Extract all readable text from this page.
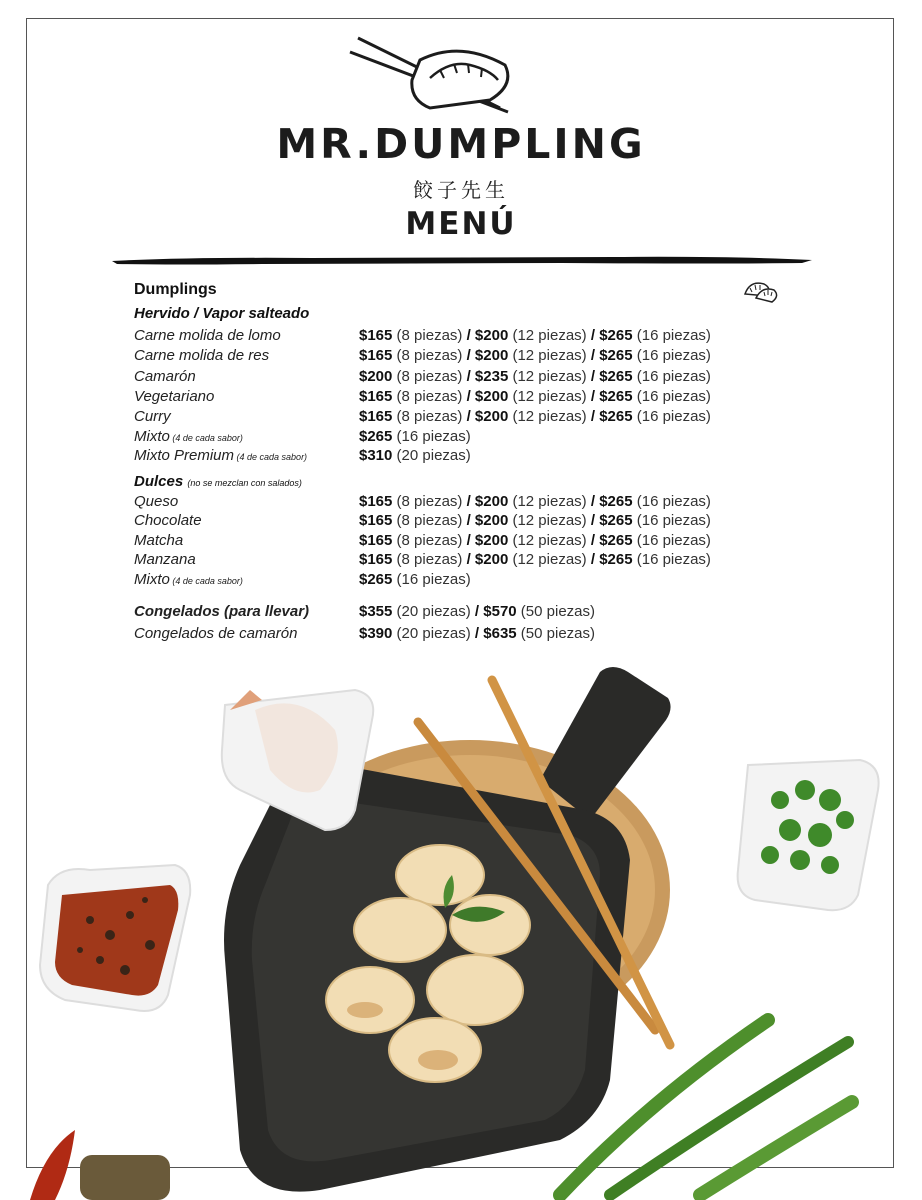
MR.DUMPLING
餃子先生
MENÚ
Dumplings
Hervido / Vapor salteado
Carne molida de lomo	$165 (8 piezas) / $200 (12 piezas) / $265 (16 piezas)
Carne molida de res	$165 (8 piezas) / $200 (12 piezas) / $265 (16 piezas)
Camarón	$200 (8 piezas) / $235 (12 piezas) / $265 (16 piezas)
Vegetariano	$165 (8 piezas) / $200 (12 piezas) / $265 (16 piezas)
Curry	$165 (8 piezas) / $200 (12 piezas) / $265 (16 piezas)
Mixto (4 de cada sabor)	$265 (16 piezas)
Mixto Premium (4 de cada sabor)	$310 (20 piezas)
Dulces (no se mezclan con salados)
Queso	$165 (8 piezas) / $200 (12 piezas) / $265 (16 piezas)
Chocolate	$165 (8 piezas) / $200 (12 piezas) / $265 (16 piezas)
Matcha	$165 (8 piezas) / $200 (12 piezas) / $265 (16 piezas)
Manzana	$165 (8 piezas) / $200 (12 piezas) / $265 (16 piezas)
Mixto (4 de cada sabor)	$265 (16 piezas)
Congelados (para llevar)	$355 (20 piezas) / $570 (50 piezas)
Congelados de camarón	$390 (20 piezas) / $635 (50 piezas)
